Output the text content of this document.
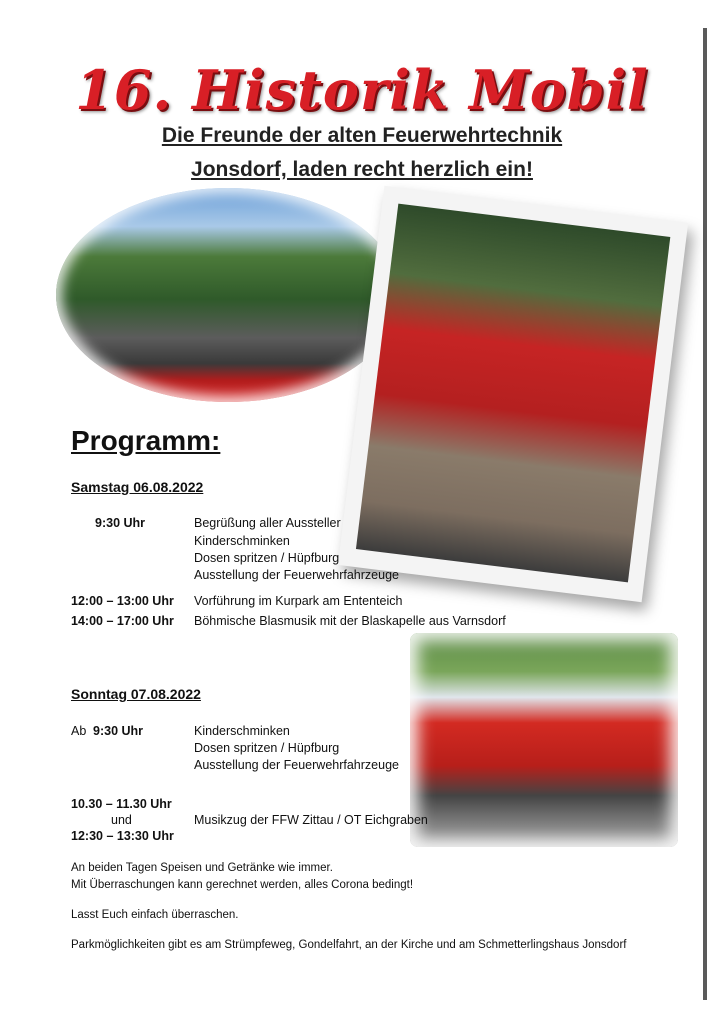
16. Historik Mobil
Die Freunde der alten Feuerwehrtechnik
Jonsdorf, laden recht herzlich ein!
Programm:
Samstag 06.08.2022
9:30 Uhr	Begrüßung aller Aussteller
Kinderschminken
Dosen spritzen / Hüpfburg
Ausstellung der Feuerwehrfahrzeuge
12:00 – 13:00 Uhr Vorführung im Kurpark am Ententeich
14:00 – 17:00 Uhr Böhmische Blasmusik mit der Blaskapelle aus Varnsdorf
Sonntag 07.08.2022
Ab 9:30 Uhr	Kinderschminken
Dosen spritzen / Hüpfburg
Ausstellung der Feuerwehrfahrzeuge
10.30 – 11.30 Uhr
und
12:30 – 13:30 Uhr
Musikzug der FFW Zittau / OT Eichgraben
An beiden Tagen Speisen und Getränke wie immer.
Mit Überraschungen kann gerechnet werden, alles Corona bedingt!
Lasst Euch einfach überraschen.
Parkmöglichkeiten gibt es am Strümpfeweg, Gondelfahrt, an der Kirche und am Schmetterlingshaus Jonsdorf
